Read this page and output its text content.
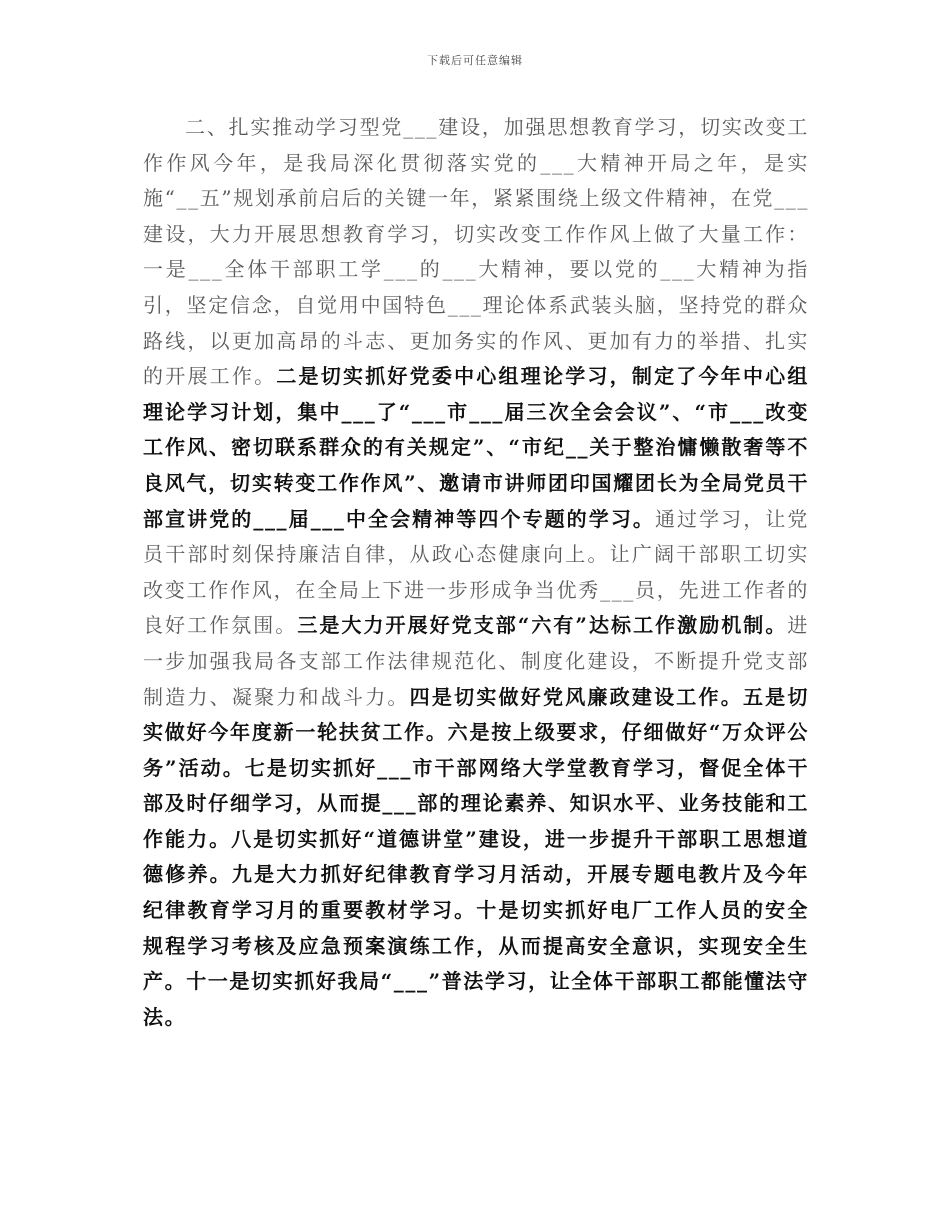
下载后可任意编辑

二、扎实推动学习型党___建设，加强思想教育学习，切实改变工作作风今年，是我局深化贯彻落实党的___大精神开局之年，是实施“__五”规划承前启后的关键一年，紧紧围绕上级文件精神，在党___建设，大力开展思想教育学习，切实改变工作作风上做了大量工作：一是___全体干部职工学___的___大精神，要以党的___大精神为指引，坚定信念，自觉用中国特色___理论体系武装头脑，坚持党的群众路线，以更加高昂的斗志、更加务实的作风、更加有力的举措、扎实的开展工作。二是切实抓好党委中心组理论学习，制定了今年中心组理论学习计划，集中___了“___市___届三次全会会议”、“市___改变工作风、密切联系群众的有关规定”、“市纪__关于整治慵懒散奢等不良风气，切实转变工作作风”、邀请市讲师团印国耀团长为全局党员干部宣讲党的___届___中全会精神等四个专题的学习。通过学习，让党员干部时刻保持廉洁自律，从政心态健康向上。让广阔干部职工切实改变工作作风，在全局上下进一步形成争当优秀___员，先进工作者的良好工作氛围。三是大力开展好党支部“六有”达标工作激励机制。进一步加强我局各支部工作法律规范化、制度化建设，不断提升党支部制造力、凝聚力和战斗力。四是切实做好党风廉政建设工作。五是切实做好今年度新一轮扶贫工作。六是按上级要求，仔细做好“万众评公务”活动。七是切实抓好___市干部网络大学堂教育学习，督促全体干部及时仔细学习，从而提___部的理论素养、知识水平、业务技能和工作能力。八是切实抓好“道德讲堂”建设，进一步提升干部职工思想道德修养。九是大力抓好纪律教育学习月活动，开展专题电教片及今年纪律教育学习月的重要教材学习。十是切实抓好电厂工作人员的安全规程学习考核及应急预案演练工作，从而提高安全意识，实现安全生产。十一是切实抓好我局“___”普法学习，让全体干部职工都能懂法守法。
